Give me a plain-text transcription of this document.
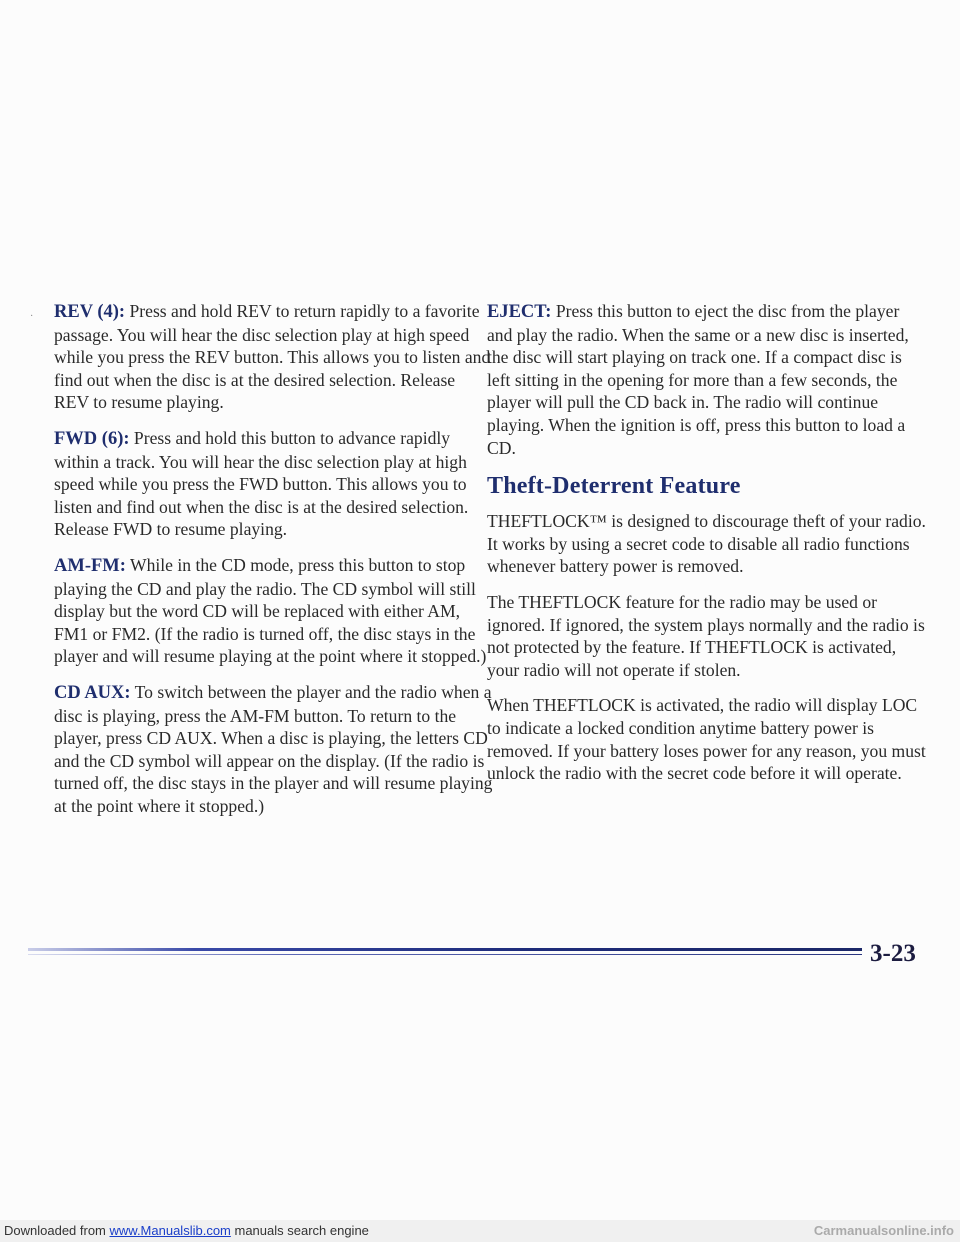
· REV (4): Press and hold REV to return rapidly to a favorite passage. You will hear the disc selection play at high speed while you press the REV button. This allows you to listen and find out when the disc is at the desired selection. Release REV to resume playing.

FWD (6): Press and hold this button to advance rapidly within a track. You will hear the disc selection play at high speed while you press the FWD button. This allows you to listen and find out when the disc is at the desired selection. Release FWD to resume playing.

AM-FM: While in the CD mode, press this button to stop playing the CD and play the radio. The CD symbol will still display but the word CD will be replaced with either AM, FM1 or FM2. (If the radio is turned off, the disc stays in the player and will resume playing at the point where it stopped.)

CD AUX: To switch between the player and the radio when a disc is playing, press the AM-FM button. To return to the player, press CD AUX. When a disc is playing, the letters CD and the CD symbol will appear on the display. (If the radio is turned off, the disc stays in the player and will resume playing at the point where it stopped.)

EJECT: Press this button to eject the disc from the player and play the radio. When the same or a new disc is inserted, the disc will start playing on track one. If a compact disc is left sitting in the opening for more than a few seconds, the player will pull the CD back in. The radio will continue playing. When the ignition is off, press this button to load a CD.

Theft-Deterrent Feature

THEFTLOCK™ is designed to discourage theft of your radio. It works by using a secret code to disable all radio functions whenever battery power is removed.

The THEFTLOCK feature for the radio may be used or ignored. If ignored, the system plays normally and the radio is not protected by the feature. If THEFTLOCK is activated, your radio will not operate if stolen.

When THEFTLOCK is activated, the radio will display LOC to indicate a locked condition anytime battery power is removed. If your battery loses power for any reason, you must unlock the radio with the secret code before it will operate.

3-23
Downloaded from www.Manualslib.com manuals search engine	Carmanualsonline.info
